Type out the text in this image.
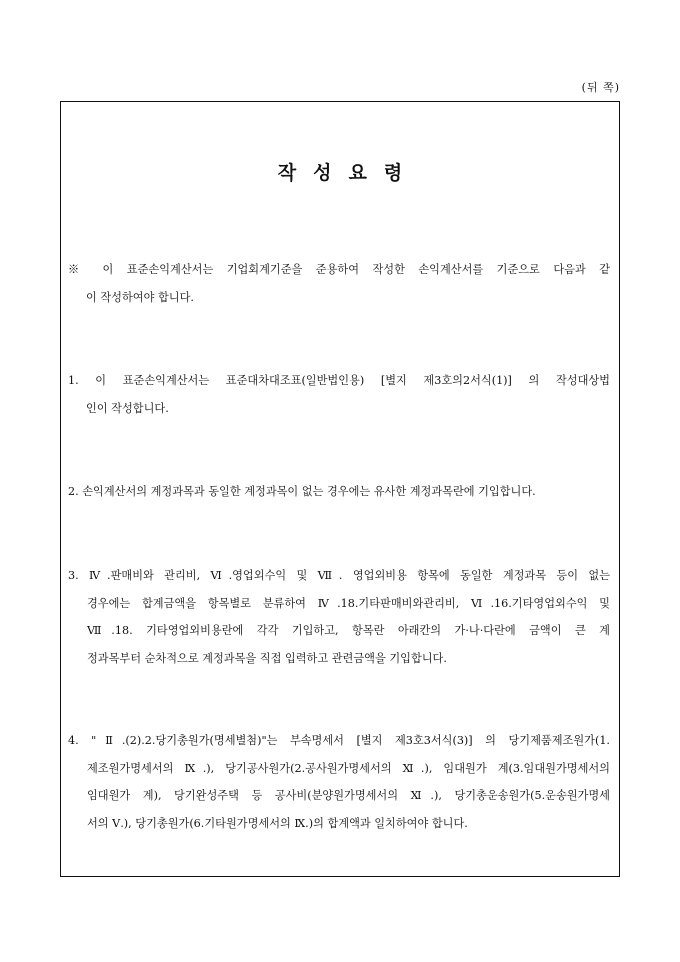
(뒤 쪽)
작성요령
※ 이 표준손익계산서는 기업회계기준을 준용하여 작성한 손익계산서를 기준으로 다음과 같
이 작성하여야 합니다.
1. 이 표준손익계산서는 표준대차대조표(일반법인용) [별지 제3호의2서식(1)] 의 작성대상법
인이 작성합니다.
2. 손익계산서의 계정과목과 동일한 계정과목이 없는 경우에는 유사한 계정과목란에 기입합니다.
3. Ⅳ.판매비와 관리비, Ⅵ.영업외수익 및 Ⅶ. 영업외비용 항목에 동일한 계정과목 등이 없는
경우에는 합계금액을 항목별로 분류하여 Ⅳ.18.기타판매비와관리비, Ⅵ.16.기타영업외수익 및
Ⅶ.18. 기타영업외비용란에 각각 기입하고, 항목란 아래칸의 가·나·다란에 금액이 큰 계
정과목부터 순차적으로 계정과목을 직접 입력하고 관련금액을 기입합니다.
4. "Ⅱ.(2).2.당기총원가(명세별첨)"는 부속명세서 [별지 제3호3서식(3)] 의 당기제품제조원가(1.
제조원가명세서의 Ⅸ.), 당기공사원가(2.공사원가명세서의 Ⅺ.), 임대원가 계(3.임대원가명세서의
임대원가 계), 당기완성주택 등 공사비(분양원가명세서의 Ⅺ.), 당기총운송원가(5.운송원가명세
서의 Ⅴ.), 당기총원가(6.기타원가명세서의 Ⅸ.)의 합계액과 일치하여야 합니다.
